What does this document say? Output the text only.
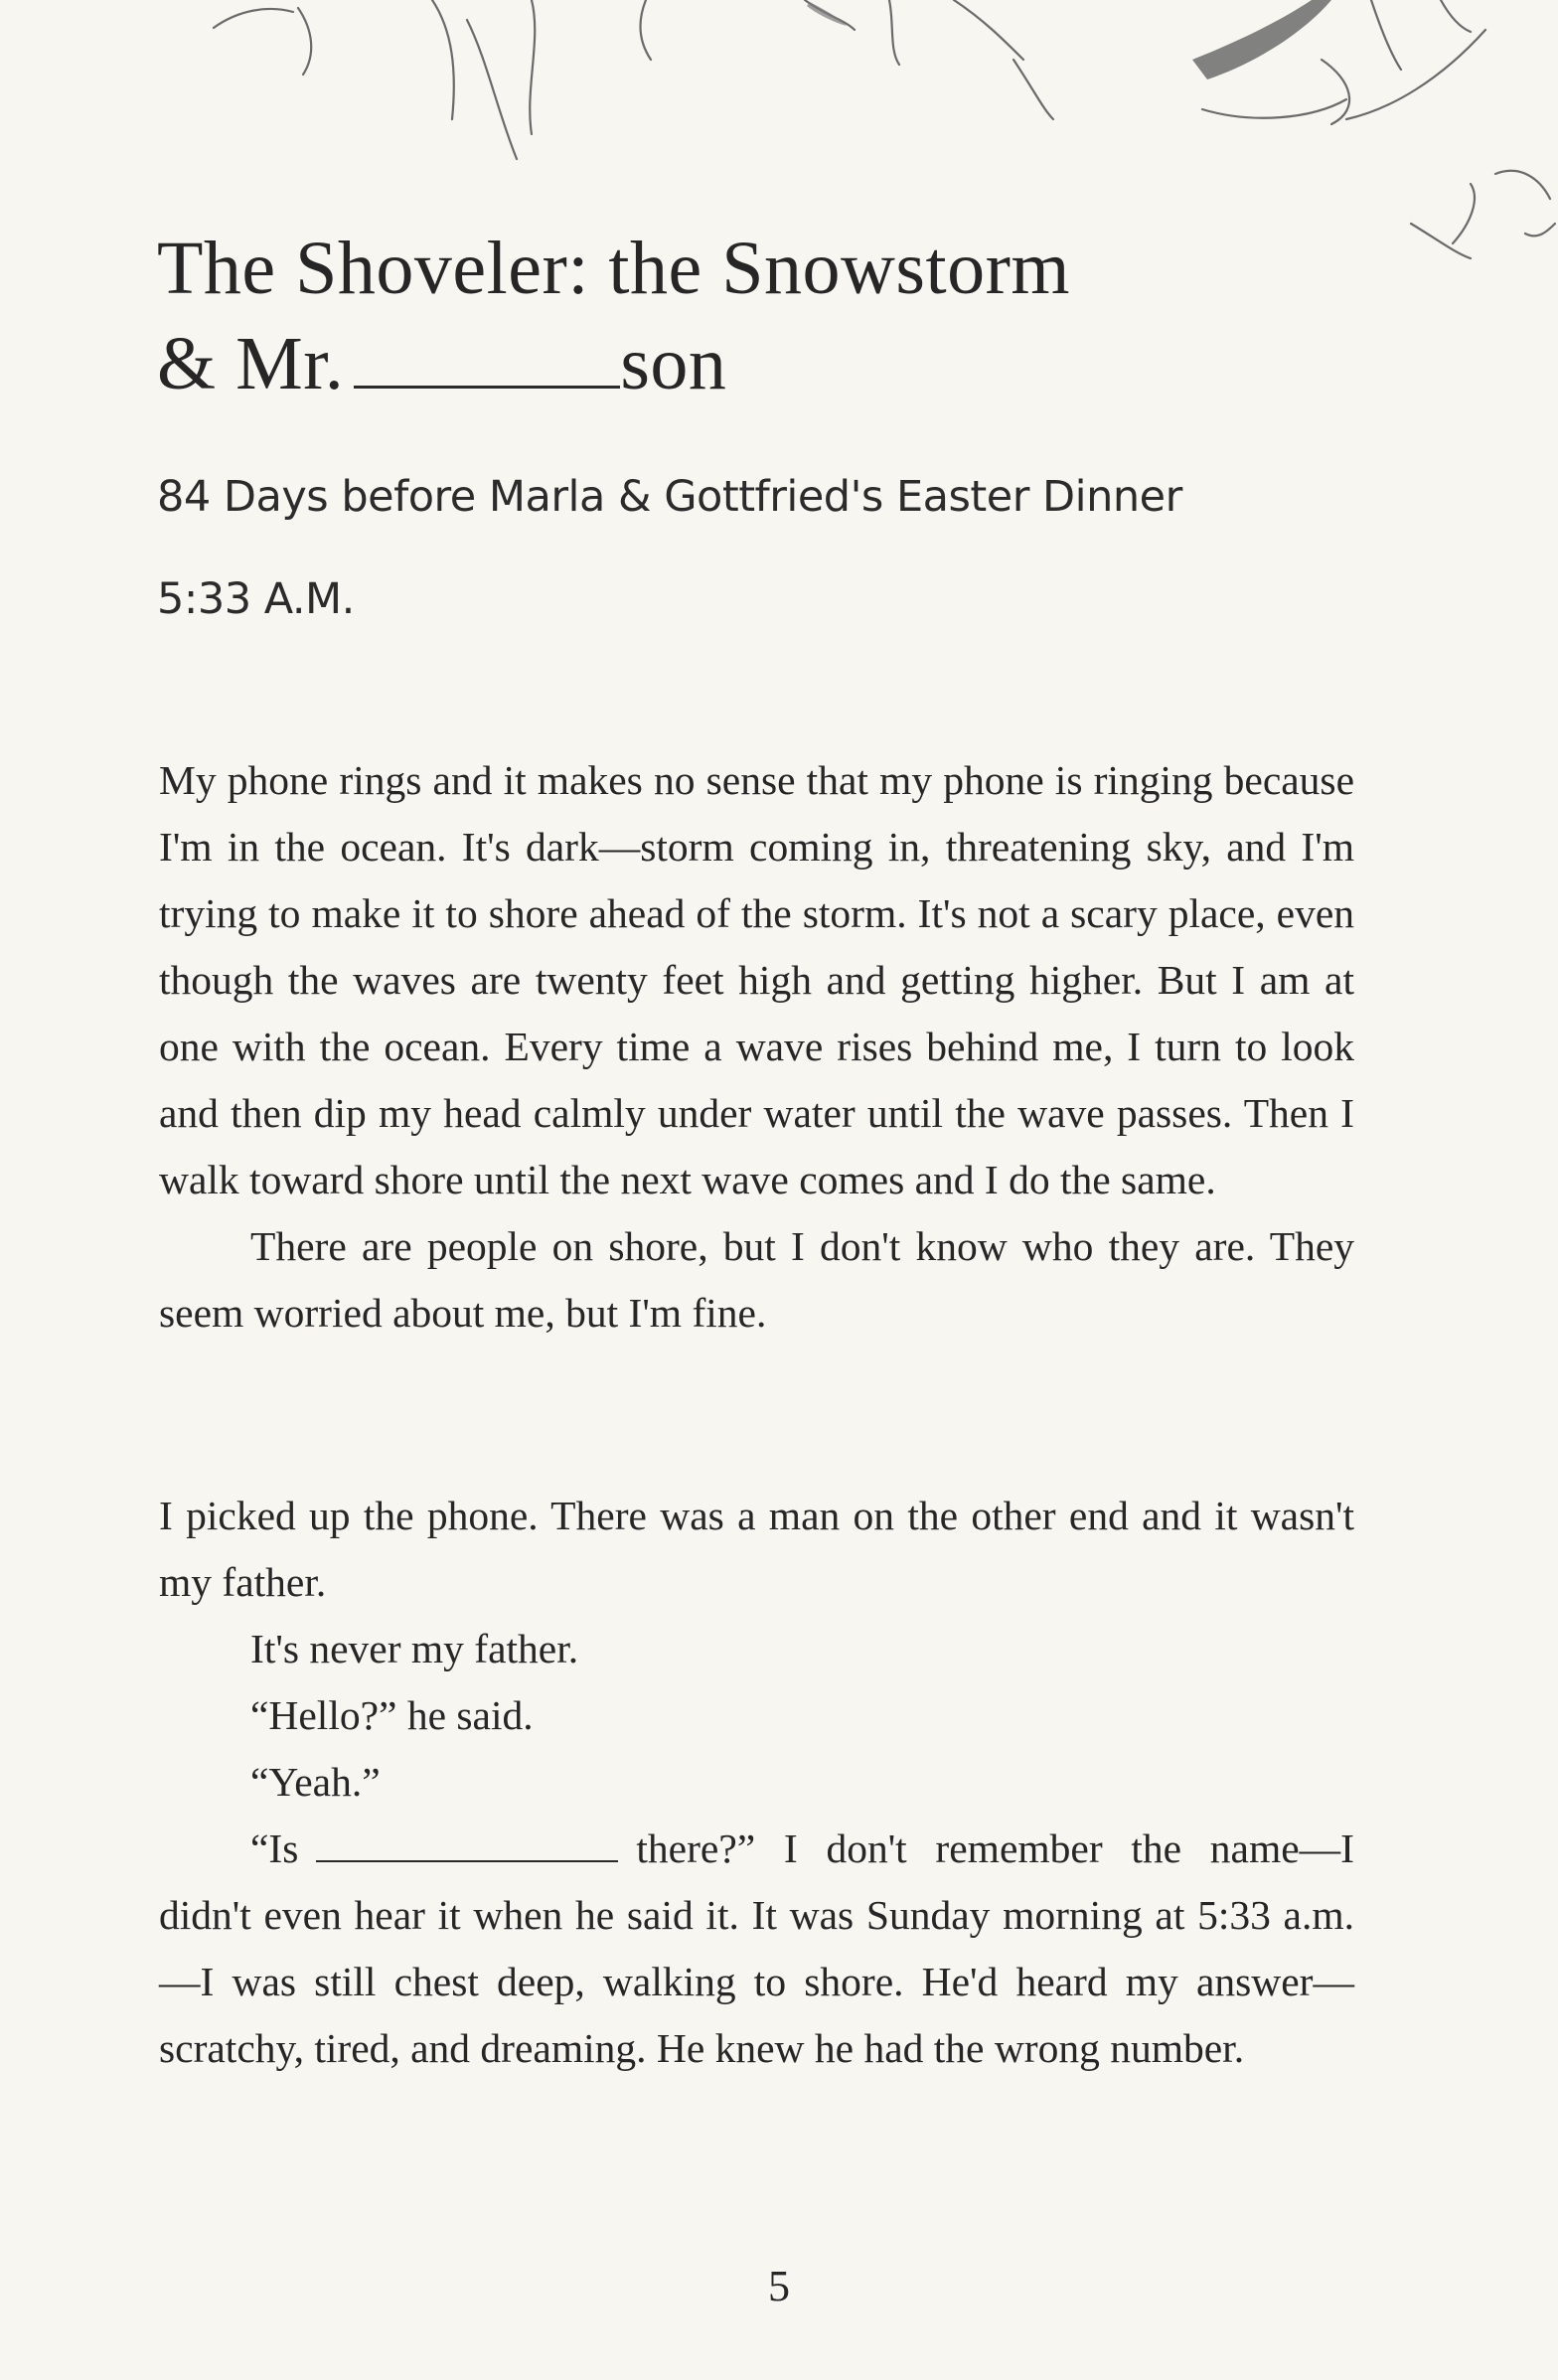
The Shoveler: the Snowstorm
& Mr.	son
84 Days before Marla & Gottfried's Easter Dinner
5:33 A.M.

My phone rings and it makes no sense that my phone is ringing because I'm in the ocean. It's dark—storm coming in, threatening sky, and I'm trying to make it to shore ahead of the storm. It's not a scary place, even though the waves are twenty feet high and getting higher. But I am at one with the ocean. Every time a wave rises behind me, I turn to look and then dip my head calmly under water until the wave passes. Then I walk toward shore until the next wave comes and I do the same.

There are people on shore, but I don't know who they are. They seem worried about me, but I'm fine.

I picked up the phone. There was a man on the other end and it wasn't my father.

It's never my father.

“Hello?” he said.

“Yeah.”

“Is	there?” I don't remember the name—I didn't even hear it when he said it. It was Sunday morning at 5:33 a.m.—I was still chest deep, walking to shore. He'd heard my answer—scratchy, tired, and dreaming. He knew he had the wrong number.

5
